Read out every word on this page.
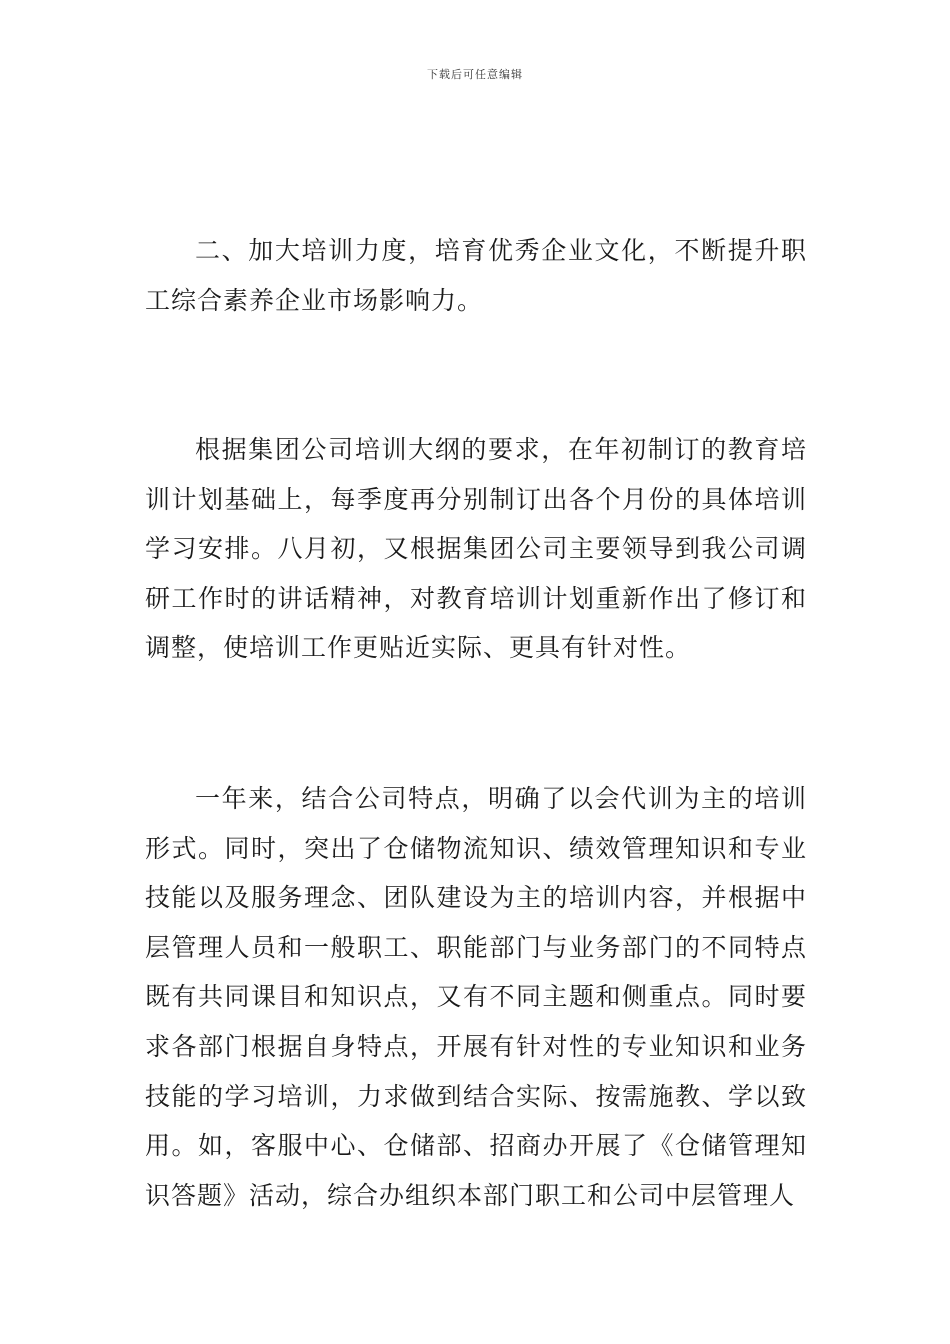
下载后可任意编辑

二、加大培训力度，培育优秀企业文化，不断提升职工综合素养企业市场影响力。

根据集团公司培训大纲的要求，在年初制订的教育培训计划基础上，每季度再分别制订出各个月份的具体培训学习安排。八月初，又根据集团公司主要领导到我公司调研工作时的讲话精神，对教育培训计划重新作出了修订和调整，使培训工作更贴近实际、更具有针对性。

一年来，结合公司特点，明确了以会代训为主的培训形式。同时，突出了仓储物流知识、绩效管理知识和专业技能以及服务理念、团队建设为主的培训内容，并根据中层管理人员和一般职工、职能部门与业务部门的不同特点既有共同课目和知识点，又有不同主题和侧重点。同时要求各部门根据自身特点，开展有针对性的专业知识和业务技能的学习培训，力求做到结合实际、按需施教、学以致用。如，客服中心、仓储部、招商办开展了《仓储管理知识答题》活动，综合办组织本部门职工和公司中层管理人
